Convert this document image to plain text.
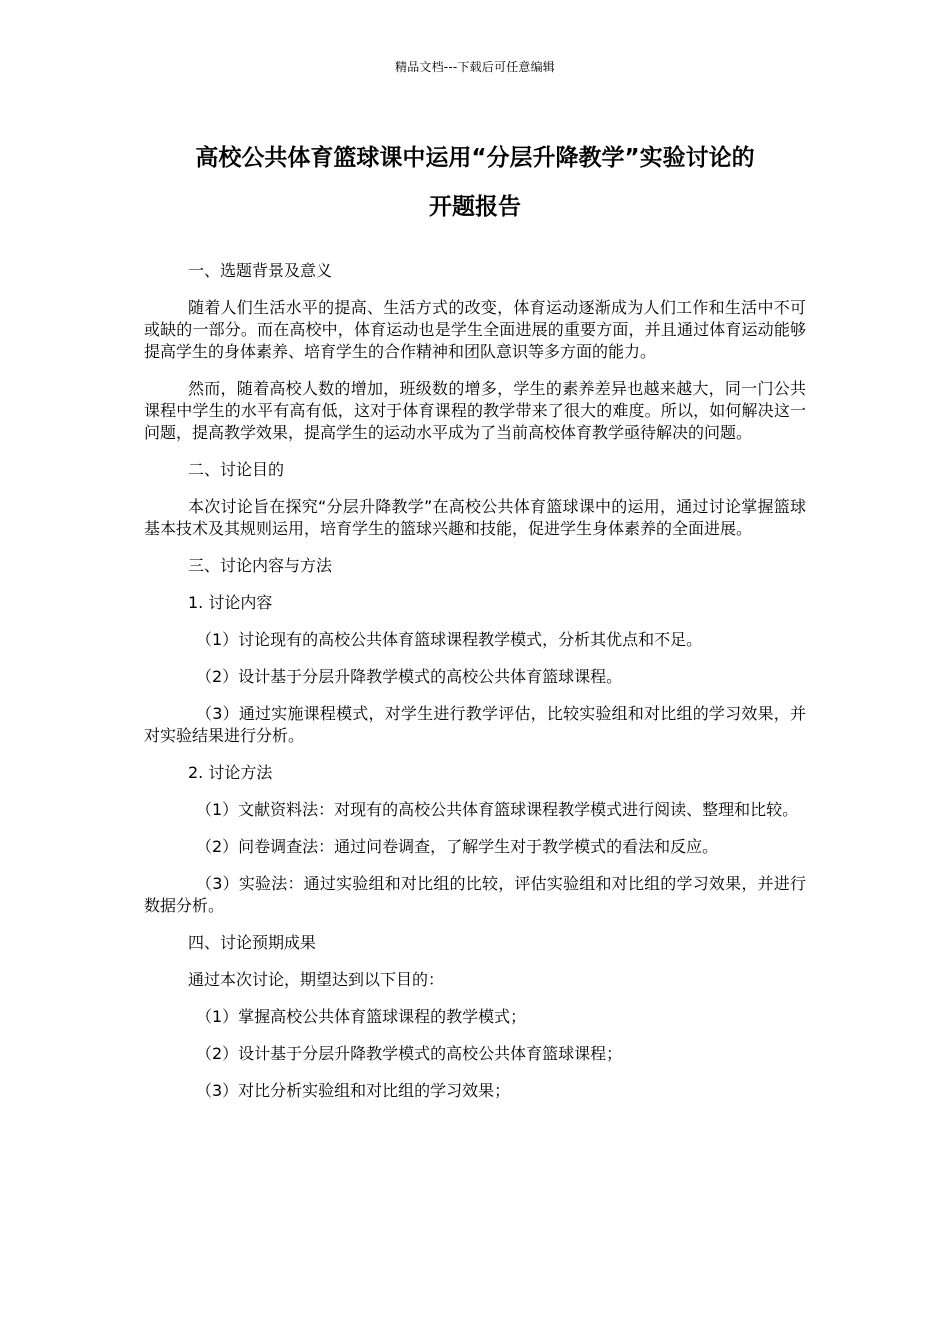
精品文档---下载后可任意编辑
高校公共体育篮球课中运用“分层升降教学”实验讨论的
开题报告

一、选题背景及意义

随着人们生活水平的提高、生活方式的改变，体育运动逐渐成为人们工作和生活中不可或缺的一部分。而在高校中，体育运动也是学生全面进展的重要方面，并且通过体育运动能够提高学生的身体素养、培育学生的合作精神和团队意识等多方面的能力。

然而，随着高校人数的增加，班级数的增多，学生的素养差异也越来越大，同一门公共课程中学生的水平有高有低，这对于体育课程的教学带来了很大的难度。所以，如何解决这一问题，提高教学效果，提高学生的运动水平成为了当前高校体育教学亟待解决的问题。

二、讨论目的

本次讨论旨在探究“分层升降教学”在高校公共体育篮球课中的运用，通过讨论掌握篮球基本技术及其规则运用，培育学生的篮球兴趣和技能，促进学生身体素养的全面进展。

三、讨论内容与方法

1. 讨论内容

（1）讨论现有的高校公共体育篮球课程教学模式，分析其优点和不足。

（2）设计基于分层升降教学模式的高校公共体育篮球课程。

（3）通过实施课程模式，对学生进行教学评估，比较实验组和对比组的学习效果，并对实验结果进行分析。

2. 讨论方法

（1）文献资料法：对现有的高校公共体育篮球课程教学模式进行阅读、整理和比较。

（2）问卷调查法：通过问卷调查，了解学生对于教学模式的看法和反应。

（3）实验法：通过实验组和对比组的比较，评估实验组和对比组的学习效果，并进行数据分析。

四、讨论预期成果

通过本次讨论，期望达到以下目的：

（1）掌握高校公共体育篮球课程的教学模式；

（2）设计基于分层升降教学模式的高校公共体育篮球课程；

（3）对比分析实验组和对比组的学习效果；
